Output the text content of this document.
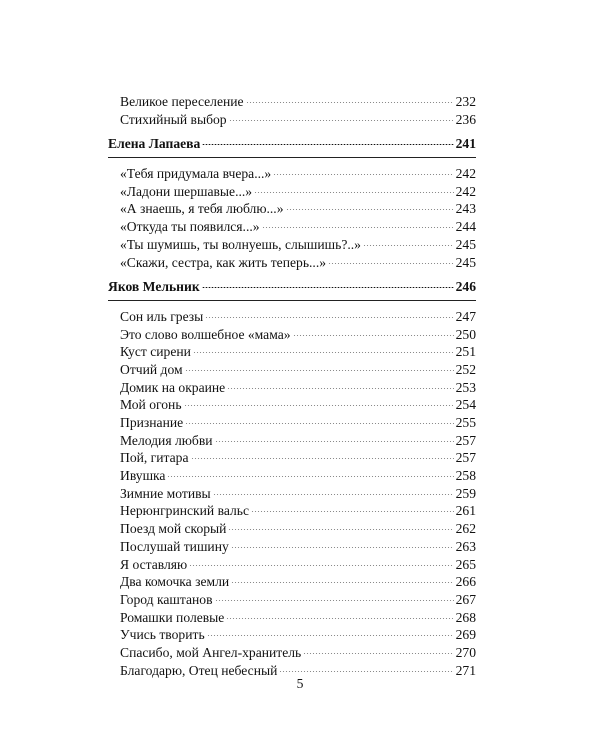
Великое переселение	232
Стихийный выбор	236
Елена Лапаева	241
«Тебя придумала вчера...»	242
«Ладони шершавые...»	242
«А знаешь, я тебя люблю...»	243
«Откуда ты появился...»	244
«Ты шумишь, ты волнуешь, слышишь?..»	245
«Скажи, сестра, как жить теперь...»	245
Яков Мельник	246
Сон иль грезы	247
Это слово волшебное «мама»	250
Куст сирени	251
Отчий дом	252
Домик на окраине	253
Мой огонь	254
Признание	255
Мелодия любви	257
Пой, гитара	257
Ивушка	258
Зимние мотивы	259
Нерюнгринский вальс	261
Поезд мой скорый	262
Послушай тишину	263
Я оставляю	265
Два комочка земли	266
Город каштанов	267
Ромашки полевые	268
Учись творить	269
Спасибо, мой Ангел-хранитель	270
Благодарю, Отец небесный	271
5
